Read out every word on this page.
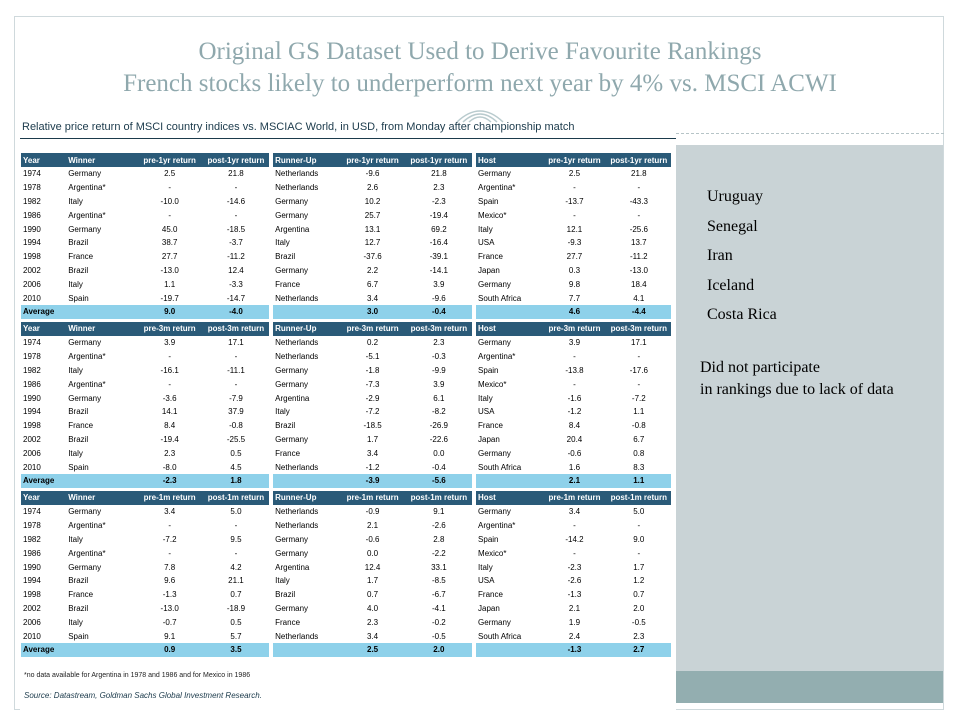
Original GS Dataset Used to Derive Favourite Rankings
French stocks likely to underperform next year by 4% vs. MSCI ACWI
Uruguay
Senegal
Iran
Iceland
Costa Rica
Did not participate
in rankings due to lack of data
Relative price return of MSCI country indices vs. MSCIAC World, in USD, from Monday after championship match
Year	Winner	pre-1yr return	post-1yr return		Runner-Up	pre-1yr return	post-1yr return		Host	pre-1yr return	post-1yr return
1974	Germany	2.5	21.8		Netherlands	-9.6	21.8		Germany	2.5	21.8
1978	Argentina*	-	-		Netherlands	2.6	2.3		Argentina*	-	-
1982	Italy	-10.0	-14.6		Germany	10.2	-2.3		Spain	-13.7	-43.3
1986	Argentina*	-	-		Germany	25.7	-19.4		Mexico*	-	-
1990	Germany	45.0	-18.5		Argentina	13.1	69.2		Italy	12.1	-25.6
1994	Brazil	38.7	-3.7		Italy	12.7	-16.4		USA	-9.3	13.7
1998	France	27.7	-11.2		Brazil	-37.6	-39.1		France	27.7	-11.2
2002	Brazil	-13.0	12.4		Germany	2.2	-14.1		Japan	0.3	-13.0
2006	Italy	1.1	-3.3		France	6.7	3.9		Germany	9.8	18.4
2010	Spain	-19.7	-14.7		Netherlands	3.4	-9.6		South Africa	7.7	4.1
Average		9.0	-4.0			3.0	-0.4			4.6	-4.4

Year	Winner	pre-3m return	post-3m return		Runner-Up	pre-3m return	post-3m return		Host	pre-3m return	post-3m return
1974	Germany	3.9	17.1		Netherlands	0.2	2.3		Germany	3.9	17.1
1978	Argentina*	-	-		Netherlands	-5.1	-0.3		Argentina*	-	-
1982	Italy	-16.1	-11.1		Germany	-1.8	-9.9		Spain	-13.8	-17.6
1986	Argentina*	-	-		Germany	-7.3	3.9		Mexico*	-	-
1990	Germany	-3.6	-7.9		Argentina	-2.9	6.1		Italy	-1.6	-7.2
1994	Brazil	14.1	37.9		Italy	-7.2	-8.2		USA	-1.2	1.1
1998	France	8.4	-0.8		Brazil	-18.5	-26.9		France	8.4	-0.8
2002	Brazil	-19.4	-25.5		Germany	1.7	-22.6		Japan	20.4	6.7
2006	Italy	2.3	0.5		France	3.4	0.0		Germany	-0.6	0.8
2010	Spain	-8.0	4.5		Netherlands	-1.2	-0.4		South Africa	1.6	8.3
Average		-2.3	1.8			-3.9	-5.6			2.1	1.1

Year	Winner	pre-1m return	post-1m return		Runner-Up	pre-1m return	post-1m return		Host	pre-1m return	post-1m return
1974	Germany	3.4	5.0		Netherlands	-0.9	9.1		Germany	3.4	5.0
1978	Argentina*	-	-		Netherlands	2.1	-2.6		Argentina*	-	-
1982	Italy	-7.2	9.5		Germany	-0.6	2.8		Spain	-14.2	9.0
1986	Argentina*	-	-		Germany	0.0	-2.2		Mexico*	-	-
1990	Germany	7.8	4.2		Argentina	12.4	33.1		Italy	-2.3	1.7
1994	Brazil	9.6	21.1		Italy	1.7	-8.5		USA	-2.6	1.2
1998	France	-1.3	0.7		Brazil	0.7	-6.7		France	-1.3	0.7
2002	Brazil	-13.0	-18.9		Germany	4.0	-4.1		Japan	2.1	2.0
2006	Italy	-0.7	0.5		France	2.3	-0.2		Germany	1.9	-0.5
2010	Spain	9.1	5.7		Netherlands	3.4	-0.5		South Africa	2.4	2.3
Average		0.9	3.5			2.5	2.0			-1.3	2.7
*no data available for Argentina in 1978 and 1986 and for Mexico in 1986
Source: Datastream, Goldman Sachs Global Investment Research.
